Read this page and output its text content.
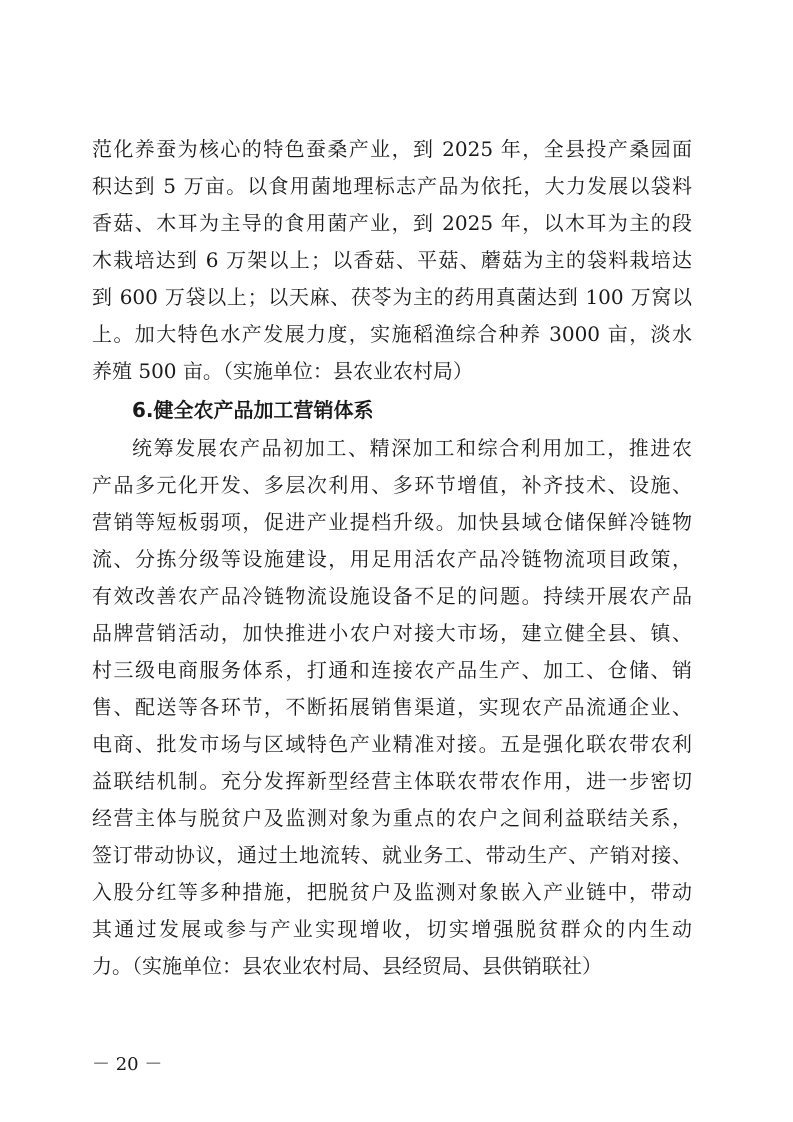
范化养蚕为核心的特色蚕桑产业，到 2025 年，全县投产桑园面
积达到 5 万亩。以食用菌地理标志产品为依托，大力发展以袋料
香菇、木耳为主导的食用菌产业，到 2025 年，以木耳为主的段
木栽培达到 6 万架以上；以香菇、平菇、蘑菇为主的袋料栽培达
到 600 万袋以上；以天麻、茯苓为主的药用真菌达到 100 万窝以
上。加大特色水产发展力度，实施稻渔综合种养 3000 亩，淡水
养殖 500 亩。（实施单位：县农业农村局）
6.健全农产品加工营销体系
统筹发展农产品初加工、精深加工和综合利用加工，推进农
产品多元化开发、多层次利用、多环节增值，补齐技术、设施、
营销等短板弱项，促进产业提档升级。加快县域仓储保鲜冷链物
流、分拣分级等设施建设，用足用活农产品冷链物流项目政策，
有效改善农产品冷链物流设施设备不足的问题。持续开展农产品
品牌营销活动，加快推进小农户对接大市场，建立健全县、镇、
村三级电商服务体系，打通和连接农产品生产、加工、仓储、销
售、配送等各环节，不断拓展销售渠道，实现农产品流通企业、
电商、批发市场与区域特色产业精准对接。五是强化联农带农利
益联结机制。充分发挥新型经营主体联农带农作用，进一步密切
经营主体与脱贫户及监测对象为重点的农户之间利益联结关系，
签订带动协议，通过土地流转、就业务工、带动生产、产销对接、
入股分红等多种措施，把脱贫户及监测对象嵌入产业链中，带动
其通过发展或参与产业实现增收，切实增强脱贫群众的内生动
力。（实施单位：县农业农村局、县经贸局、县供销联社）
－ 20 －
